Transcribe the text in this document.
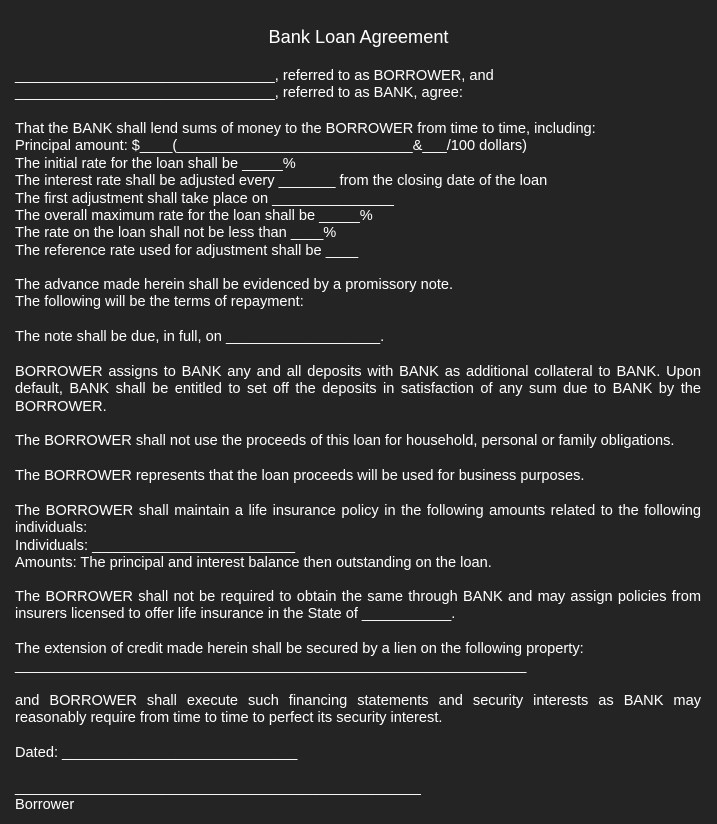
Bank Loan Agreement
________________________________, referred to as BORROWER, and
________________________________, referred to as BANK, agree:
That the BANK shall lend sums of money to the BORROWER from time to time, including:
Principal amount: $____(_____________________________&___/100 dollars)
The initial rate for the loan shall be _____%
The interest rate shall be adjusted every _______ from the closing date of the loan
The first adjustment shall take place on _______________
The overall maximum rate for the loan shall be _____%
The rate on the loan shall not be less than ____%
The reference rate used for adjustment shall be ____
The advance made herein shall be evidenced by a promissory note.
The following will be the terms of repayment:
The note shall be due, in full, on ___________________.
BORROWER assigns to BANK any and all deposits with BANK as additional collateral to BANK. Upon default, BANK shall be entitled to set off the deposits in satisfaction of any sum due to BANK by the BORROWER.
The BORROWER shall not use the proceeds of this loan for household, personal or family obligations.
The BORROWER represents that the loan proceeds will be used for business purposes.
The BORROWER shall maintain a life insurance policy in the following amounts related to the following individuals:
Individuals: _________________________
Amounts: The principal and interest balance then outstanding on the loan.
The BORROWER shall not be required to obtain the same through BANK and may assign policies from insurers licensed to offer life insurance in the State of ___________.
The extension of credit made herein shall be secured by a lien on the following property:
_______________________________________________________________
and BORROWER shall execute such financing statements and security interests as BANK may reasonably require from time to time to perfect its security interest.
Dated: _____________________________
__________________________________________________
Borrower
